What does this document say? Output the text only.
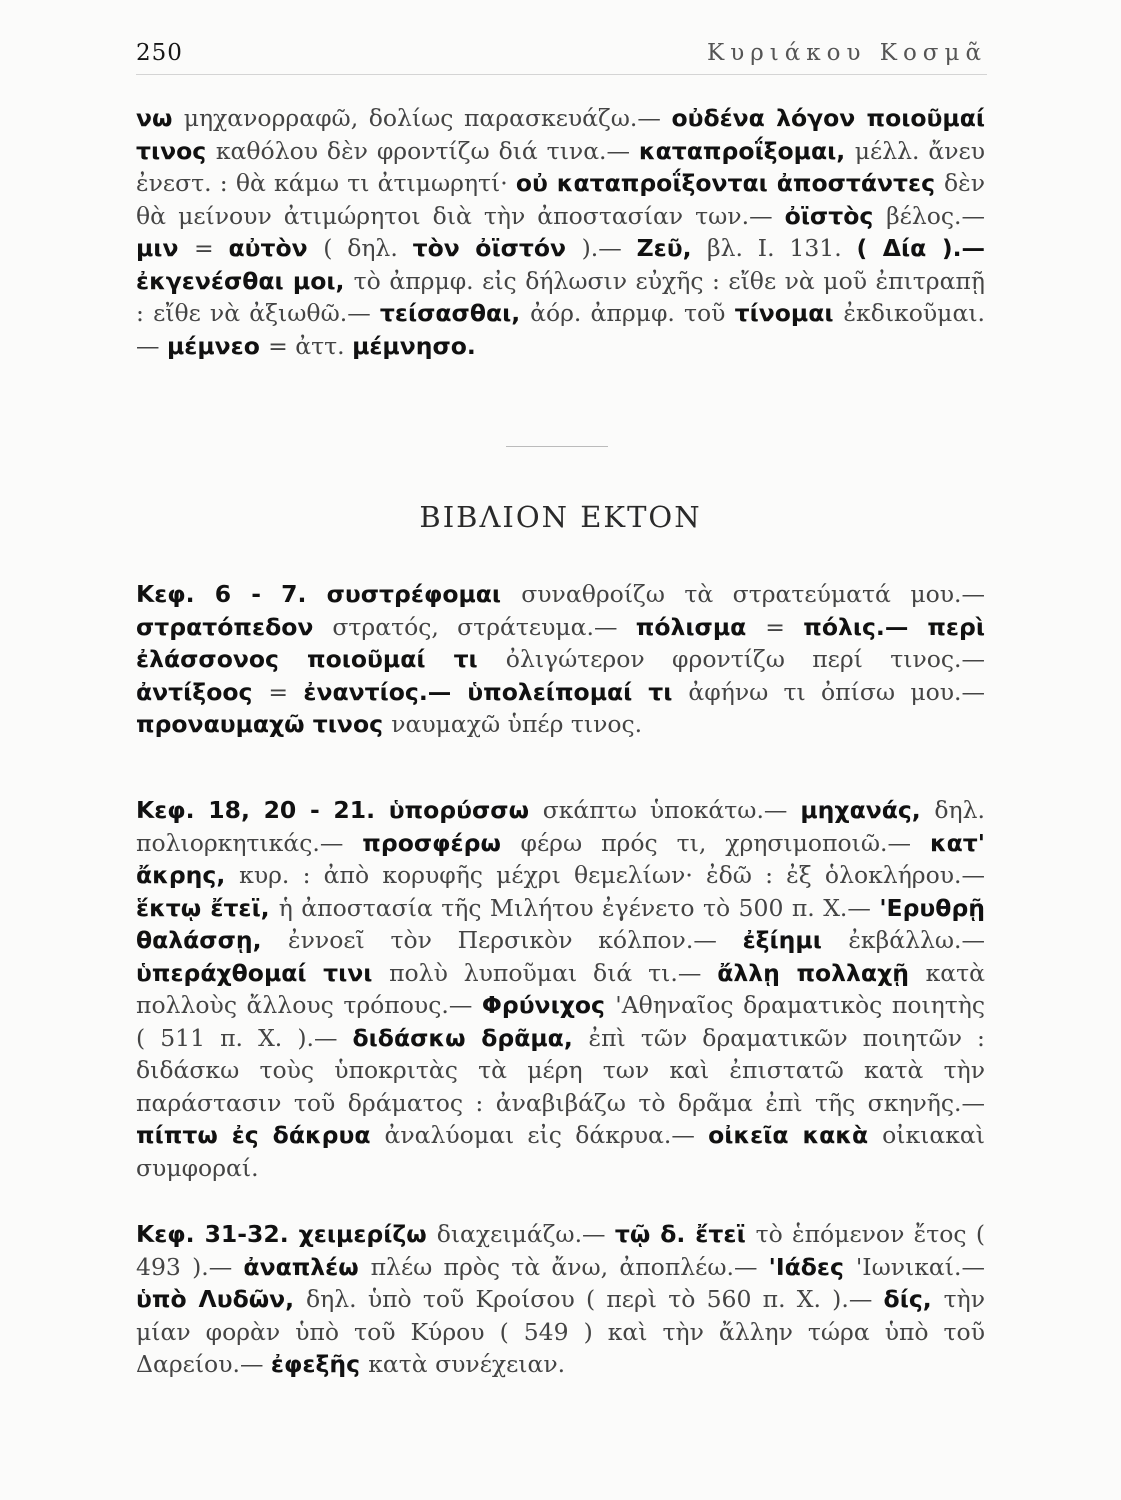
250	Κυριάκου Κοσμᾶ
νω μηχανορραφῶ, δολίως παρασκευάζω.— οὐδένα λόγον ποιοῦμαί τινος καθόλου δὲν φροντίζω διά τινα.— καταπροΐξομαι, μέλλ. ἄνευ ἐνεστ. : θὰ κάμω τι ἀτιμωρητί· οὐ καταπροΐξονται ἀποστάντες δὲν θὰ μείνουν ἀτιμώρητοι διὰ τὴν ἀποστασίαν των.— ὀϊστὸς βέλος.— μιν = αὐτὸν ( δηλ. τὸν ὀϊστόν ).— Ζεῦ, βλ. Ι. 131. ( Δία ).— ἐκγενέσθαι μοι, τὸ ἀπρμφ. εἰς δήλωσιν εὐχῆς : εἴθε νὰ μοῦ ἐπιτραπῇ : εἴθε νὰ ἀξιωθῶ.— τείσασθαι, ἀόρ. ἀπρμφ. τοῦ τίνομαι ἐκδικοῦμαι.— μέμνεο = ἀττ. μέμνησο.
ΒΙΒΛΙΟΝ ΕΚΤΟΝ
Κεφ. 6 - 7. συστρέφομαι συναθροίζω τὰ στρατεύματά μου.— στρατόπεδον στρατός, στράτευμα.— πόλισμα = πόλις.— περὶ ἐλάσσονος ποιοῦμαί τι ὀλιγώτερον φροντίζω περί τινος.— ἀντίξοος = ἐναντίος.— ὑπολείπομαί τι ἀφήνω τι ὀπίσω μου.— προναυμαχῶ τινος ναυμαχῶ ὑπέρ τινος.
Κεφ. 18, 20 - 21. ὑπορύσσω σκάπτω ὑποκάτω.— μηχανάς, δηλ. πολιορκητικάς.— προσφέρω φέρω πρός τι, χρησιμοποιῶ.— κατ' ἄκρης, κυρ. : ἀπὸ κορυφῆς μέχρι θεμελίων· ἐδῶ : ἐξ ὁλοκλήρου.— ἕκτῳ ἔτεϊ, ἡ ἀποστασία τῆς Μιλήτου ἐγένετο τὸ 500 π. Χ.— 'Ερυθρῇ θαλάσσῃ, ἐννοεῖ τὸν Περσικὸν κόλπον.— ἐξίημι ἐκβάλλω.— ὑπεράχθομαί τινι πολὺ λυποῦμαι διά τι.— ἄλλῃ πολλαχῇ κατὰ πολλοὺς ἄλλους τρόπους.— Φρύνιχος 'Αθηναῖος δραματικὸς ποιητὴς ( 511 π. Χ. ).— διδάσκω δρᾶμα, ἐπὶ τῶν δραματικῶν ποιητῶν : διδάσκω τοὺς ὑποκριτὰς τὰ μέρη των καὶ ἐπιστατῶ κατὰ τὴν παράστασιν τοῦ δράματος : ἀναβιβάζω τὸ δρᾶμα ἐπὶ τῆς σκηνῆς.— πίπτω ἐς δάκρυα ἀναλύομαι εἰς δάκρυα.— οἰκεῖα κακὰ οἰκιακαὶ συμφοραί.
Κεφ. 31-32. χειμερίζω διαχειμάζω.— τῷ δ. ἔτεϊ τὸ ἑπόμενον ἔτος ( 493 ).— ἀναπλέω πλέω πρὸς τὰ ἄνω, ἀποπλέω.— 'Ιάδες 'Ιωνικαί.— ὑπὸ Λυδῶν, δηλ. ὑπὸ τοῦ Κροίσου ( περὶ τὸ 560 π. Χ. ).— δίς, τὴν μίαν φορὰν ὑπὸ τοῦ Κύρου ( 549 ) καὶ τὴν ἄλλην τώρα ὑπὸ τοῦ Δαρείου.— ἐφεξῆς κατὰ συνέχειαν.
